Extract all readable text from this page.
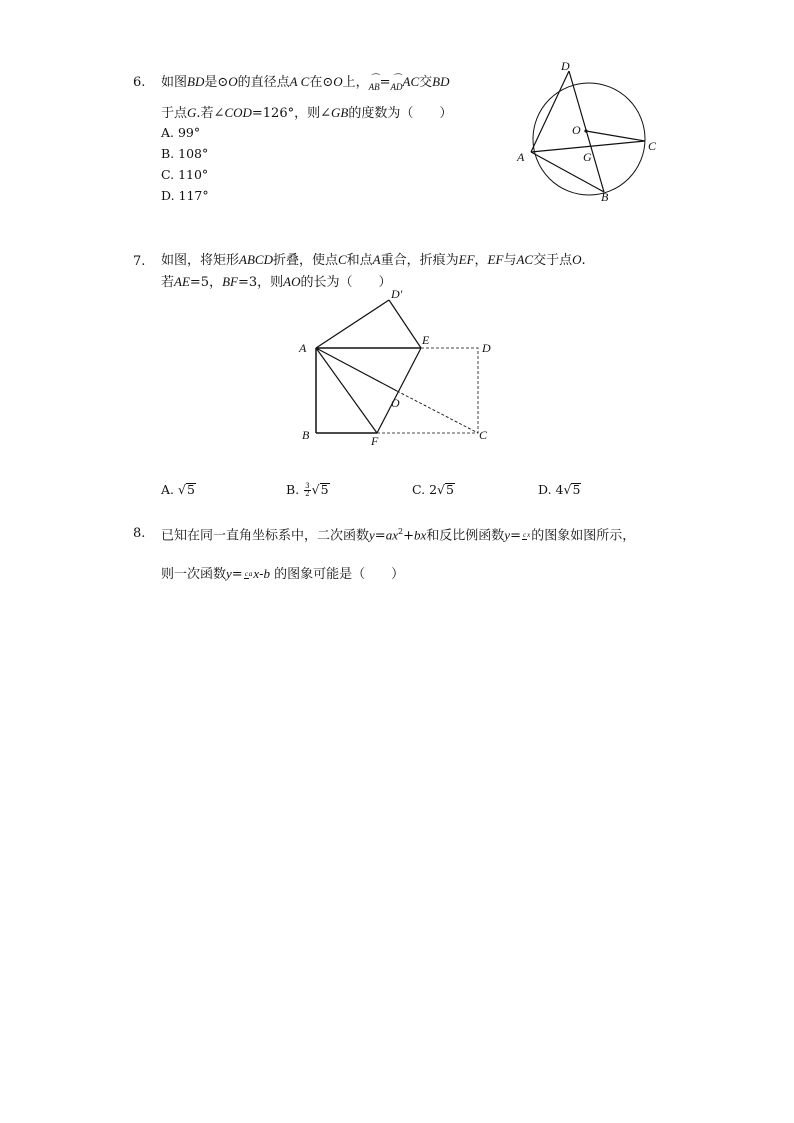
6. 如图BD是⊙O的直径点A C在⊙O上，⌒ AB=⌒ ADAC交BD
于点G.若∠COD=126°，则∠GB的度数为（　　）
A. 99°
B. 108°
C. 110°
D. 117°
D
O
G
C
A
B
7. 如图，将矩形ABCD折叠，使点C和点A重合，折痕为EF，EF与AC交于点O.
若AE=5，BF=3，则AO的长为（　　）
D′
A
E
D
O
B	F	C
A. √5	B. $\frac{3}{2} √5$	C. 2√5	D. 4√5
8. 已知在同一直角坐标系中，二次函数$y=ax^2+bx$和反比例函数y= cx的图象如图所示，
则一次函数y= cax-b 的图象可能是（　　）
